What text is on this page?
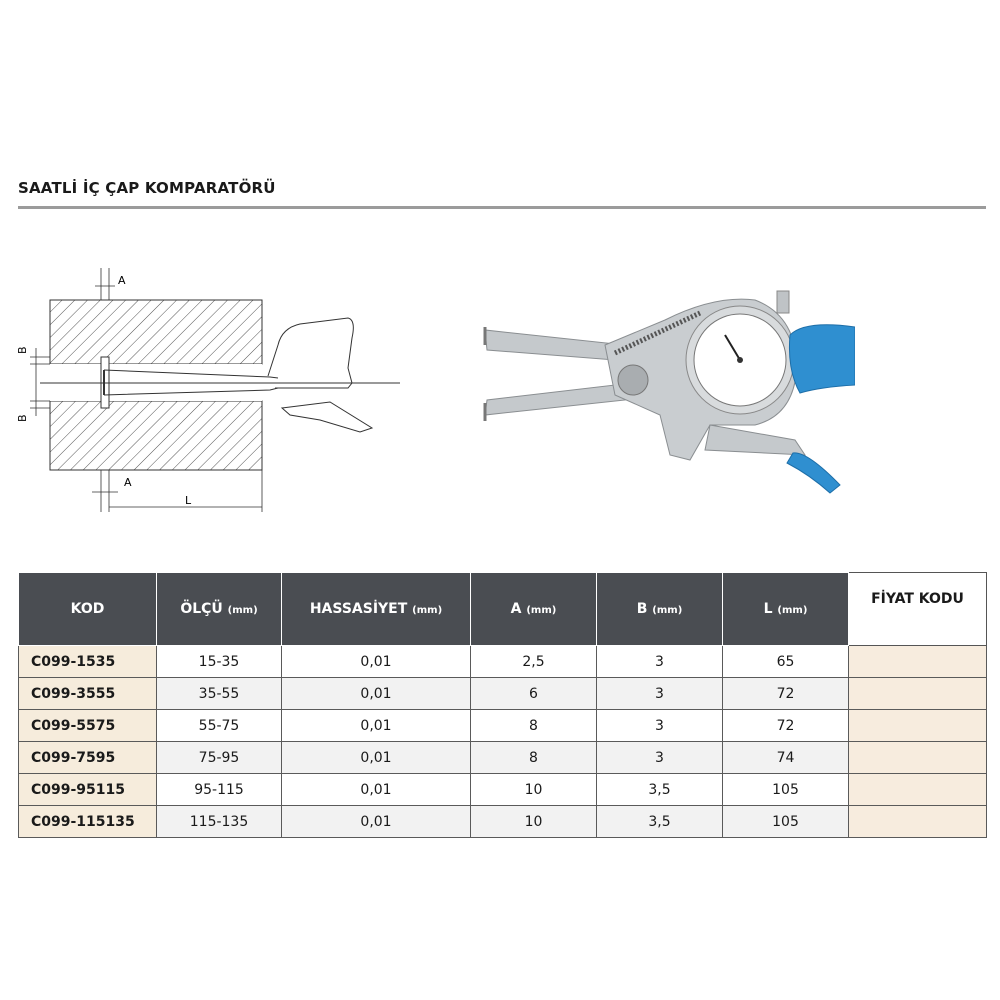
SAATLİ İÇ ÇAP KOMPARATÖRÜ
A
A
L
B
B
KOD	ÖLÇÜ (mm)	HASSASİYET (mm)	A (mm)	B (mm)	L (mm)	FİYAT KODU
C099-1535	15-35	0,01	2,5	3	65	
C099-3555	35-55	0,01	6	3	72	
C099-5575	55-75	0,01	8	3	72	
C099-7595	75-95	0,01	8	3	74	
C099-95115	95-115	0,01	10	3,5	105	
C099-115135	115-135	0,01	10	3,5	105	
